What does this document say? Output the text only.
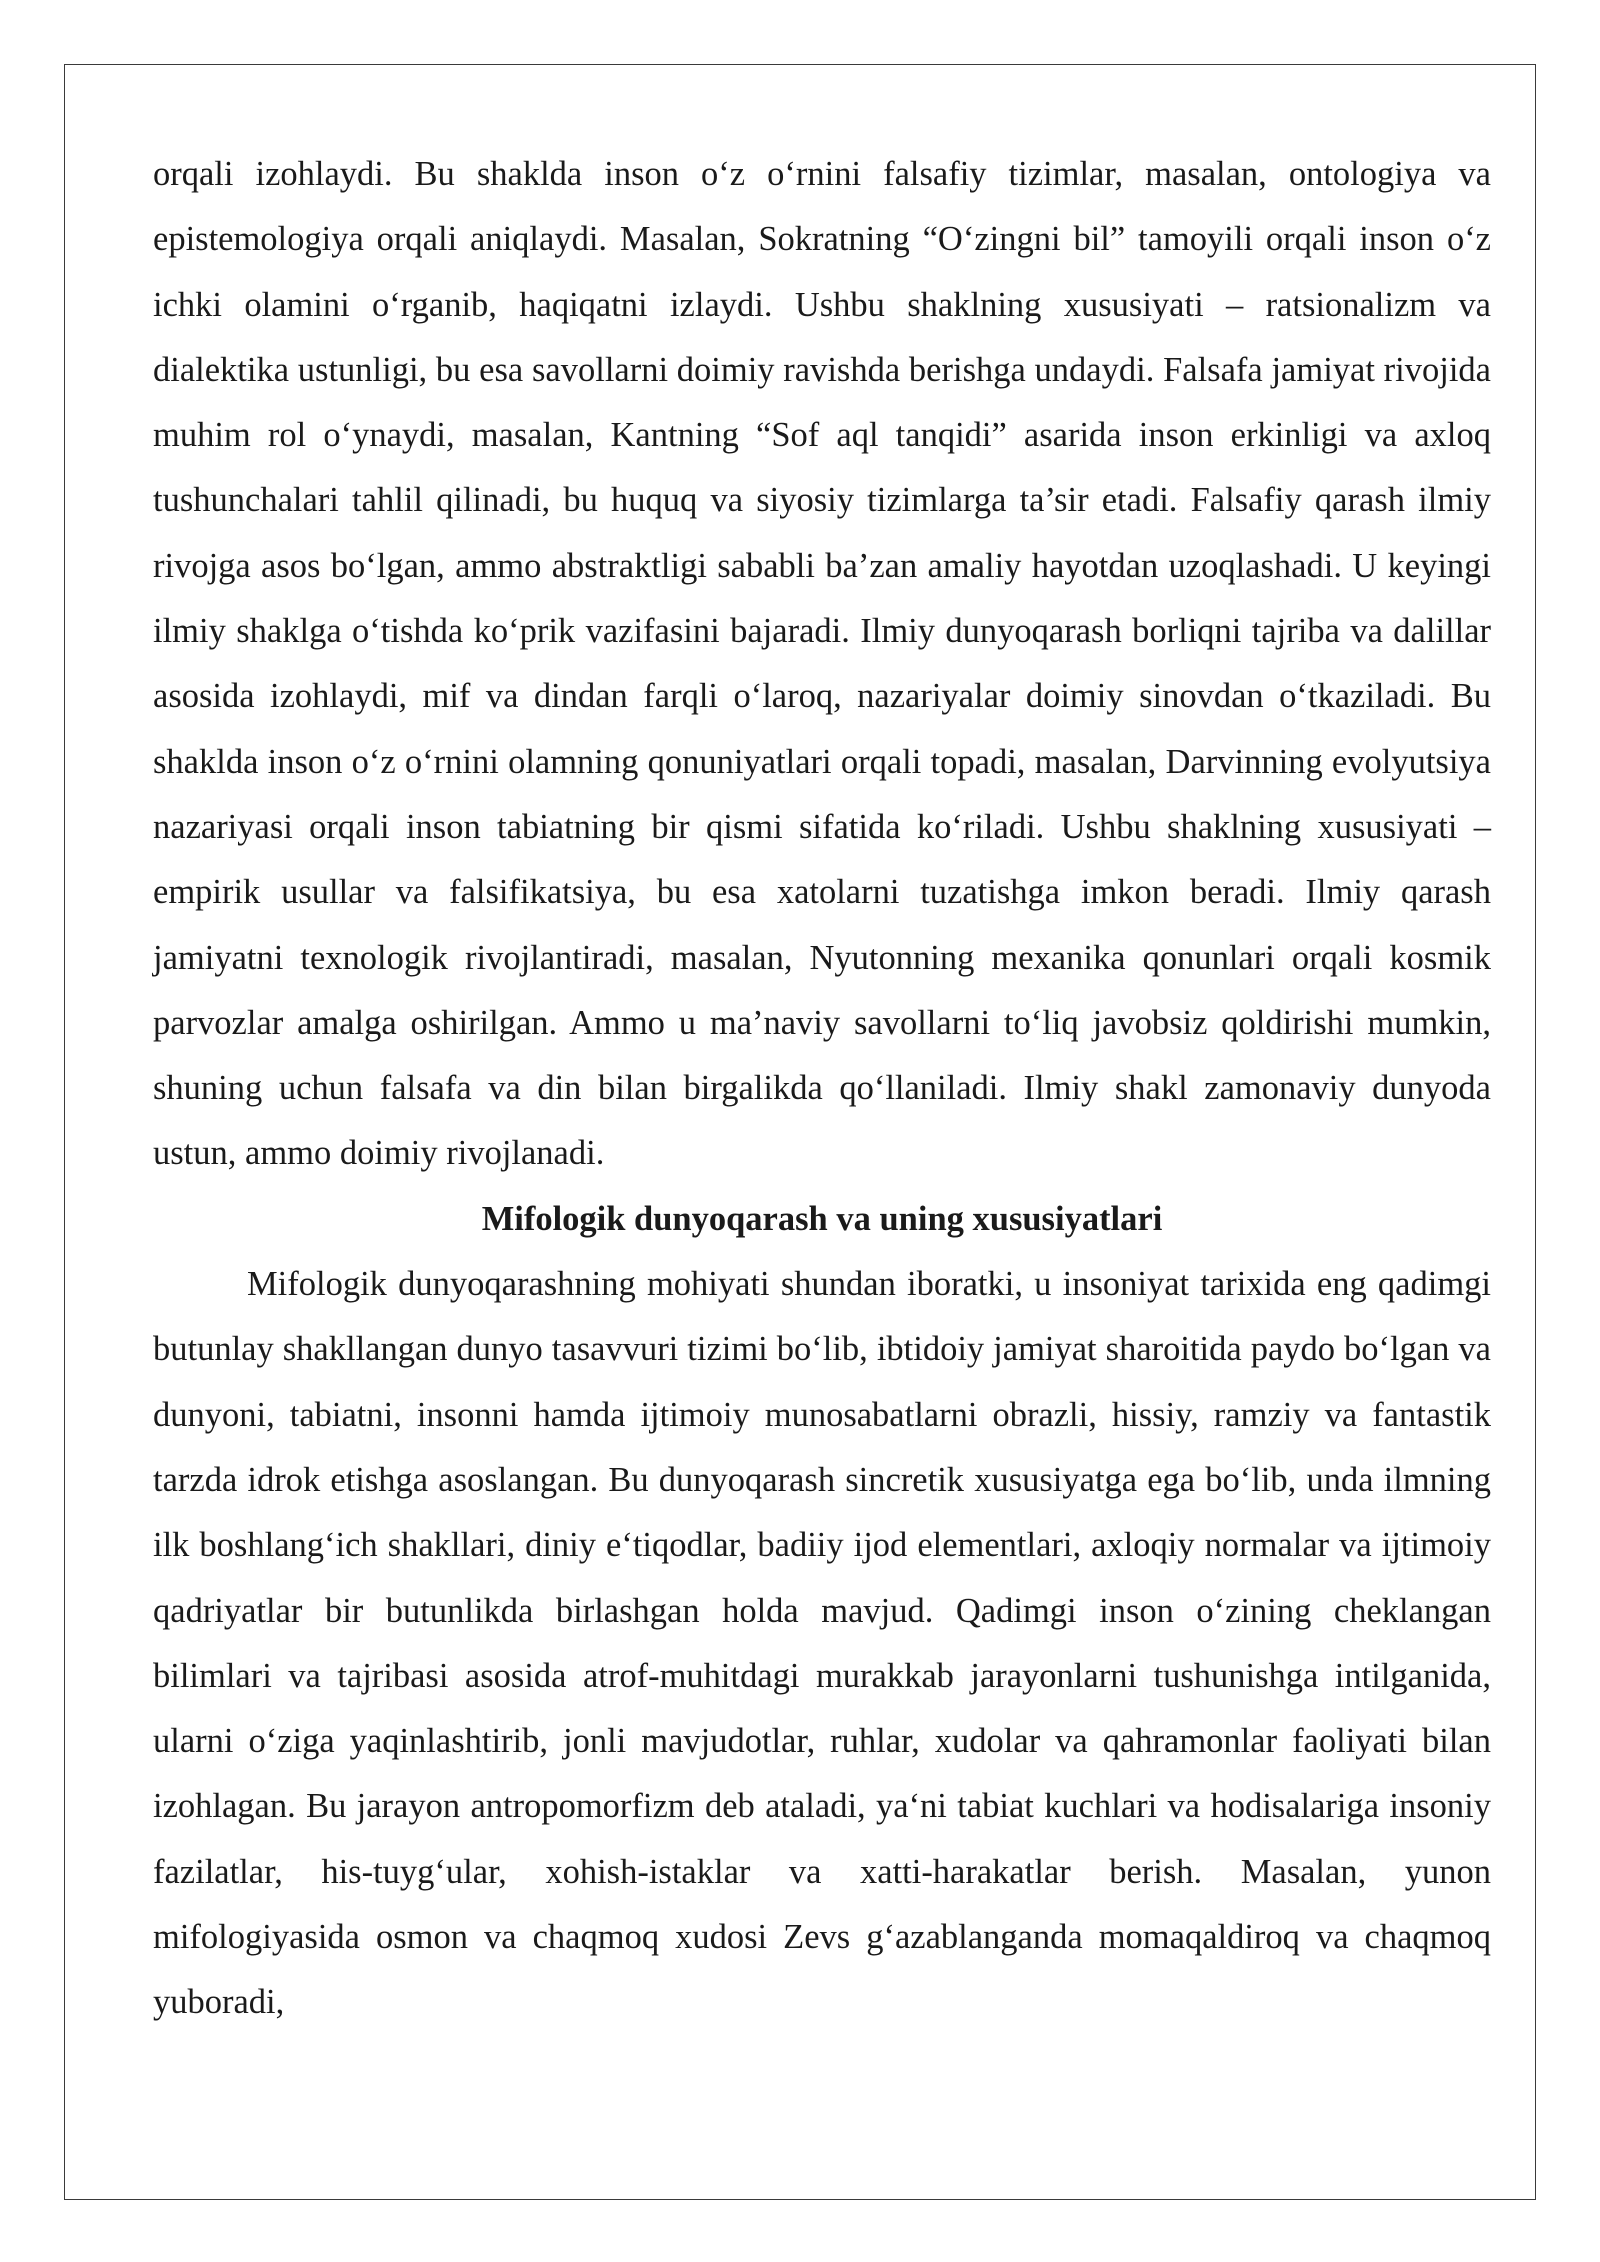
orqali izohlaydi. Bu shaklda inson o‘z o‘rnini falsafiy tizimlar, masalan, ontologiya va epistemologiya orqali aniqlaydi. Masalan, Sokratning “O‘zingni bil” tamoyili orqali inson o‘z ichki olamini o‘rganib, haqiqatni izlaydi. Ushbu shaklning xususiyati – ratsionalizm va dialektika ustunligi, bu esa savollarni doimiy ravishda berishga undaydi. Falsafa jamiyat rivojida muhim rol o‘ynaydi, masalan, Kantning “Sof aql tanqidi” asarida inson erkinligi va axloq tushunchalari tahlil qilinadi, bu huquq va siyosiy tizimlarga ta’sir etadi. Falsafiy qarash ilmiy rivojga asos bo‘lgan, ammo abstraktligi sababli ba’zan amaliy hayotdan uzoqlashadi. U keyingi ilmiy shaklga o‘tishda ko‘prik vazifasini bajaradi. Ilmiy dunyoqarash borliqni tajriba va dalillar asosida izohlaydi, mif va dindan farqli o‘laroq, nazariyalar doimiy sinovdan o‘tkaziladi. Bu shaklda inson o‘z o‘rnini olamning qonuniyatlari orqali topadi, masalan, Darvinning evolyutsiya nazariyasi orqali inson tabiatning bir qismi sifatida ko‘riladi. Ushbu shaklning xususiyati – empirik usullar va falsifikatsiya, bu esa xatolarni tuzatishga imkon beradi. Ilmiy qarash jamiyatni texnologik rivojlantiradi, masalan, Nyutonning mexanika qonunlari orqali kosmik parvozlar amalga oshirilgan. Ammo u ma’naviy savollarni to‘liq javobsiz qoldirishi mumkin, shuning uchun falsafa va din bilan birgalikda qo‘llaniladi. Ilmiy shakl zamonaviy dunyoda ustun, ammo doimiy rivojlanadi.

Mifologik dunyoqarash va uning xususiyatlari

Mifologik dunyoqarashning mohiyati shundan iboratki, u insoniyat tarixida eng qadimgi butunlay shakllangan dunyo tasavvuri tizimi bo‘lib, ibtidoiy jamiyat sharoitida paydo bo‘lgan va dunyoni, tabiatni, insonni hamda ijtimoiy munosabatlarni obrazli, hissiy, ramziy va fantastik tarzda idrok etishga asoslangan. Bu dunyoqarash sincretik xususiyatga ega bo‘lib, unda ilmning ilk boshlang‘ich shakllari, diniy e‘tiqodlar, badiiy ijod elementlari, axloqiy normalar va ijtimoiy qadriyatlar bir butunlikda birlashgan holda mavjud. Qadimgi inson o‘zining cheklangan bilimlari va tajribasi asosida atrof-muhitdagi murakkab jarayonlarni tushunishga intilganida, ularni o‘ziga yaqinlashtirib, jonli mavjudotlar, ruhlar, xudolar va qahramonlar faoliyati bilan izohlagan. Bu jarayon antropomorfizm deb ataladi, ya‘ni tabiat kuchlari va hodisalariga insoniy fazilatlar, his-tuyg‘ular, xohish-istaklar va xatti-harakatlar berish. Masalan, yunon mifologiyasida osmon va chaqmoq xudosi Zevs g‘azablanganda momaqaldiroq va chaqmoq yuboradi,
